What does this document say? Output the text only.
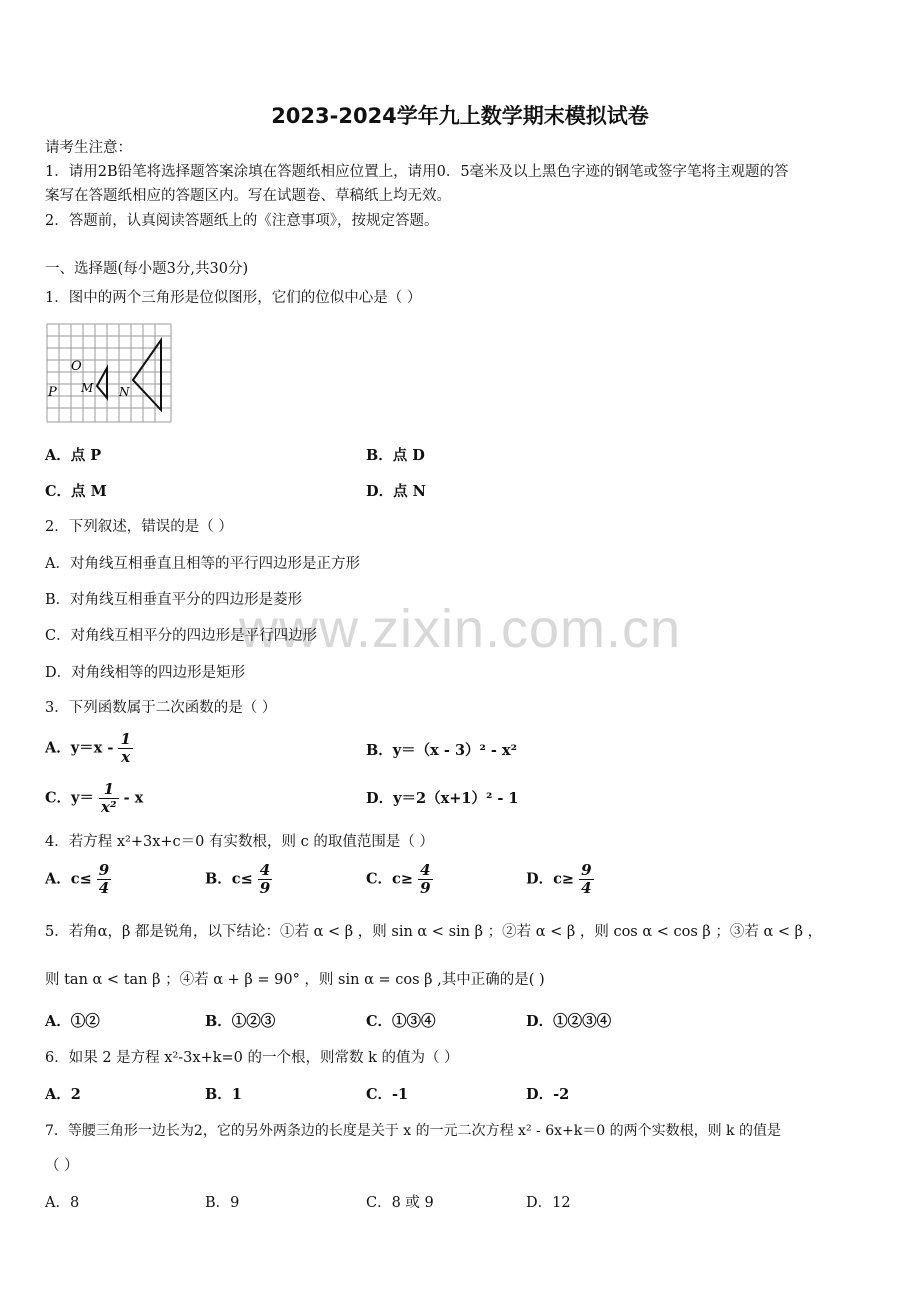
www.zixin.com.cn
2023-2024学年九上数学期末模拟试卷
请考生注意：
1．请用2B铅笔将选择题答案涂填在答题纸相应位置上，请用0．5毫米及以上黑色字迹的钢笔或签字笔将主观题的答
案写在答题纸相应的答题区内。写在试题卷、草稿纸上均无效。
2．答题前，认真阅读答题纸上的《注意事项》，按规定答题。
一、选择题(每小题3分,共30分)
1．图中的两个三角形是位似图形，它们的位似中心是（ ）
O
P M N
A．点 P	B．点 D
C．点 M	D．点 N
2．下列叙述，错误的是（ ）
A．对角线互相垂直且相等的平行四边形是正方形
B．对角线互相垂直平分的四边形是菱形
C．对角线互相平分的四边形是平行四边形
D．对角线相等的四边形是矩形
3．下列函数属于二次函数的是（ ）
A．$y=x - \frac{1}{x}$	B．y＝（x - 3）² - x²
C．$y= \frac{1}{\text{x²}} - x$	D．y＝2（x+1）² - 1
4．若方程 x²+3x+c＝0 有实数根，则 c 的取值范围是（ ）
A．$c\le \frac{9}{4}$	B．$c\le \frac{4}{9}$	C．$c\ge \frac{4}{9}$	D．$c\ge \frac{9}{4}$
5．若角α，β 都是锐角，以下结论：①若 α < β ，则 sin α < sin β ；②若 α < β ，则 cos α < cos β ；③若 α < β ，
则 tan α < tan β ；④若 α + β = 90° ，则 sin α = cos β ,其中正确的是( )
A．①②	B．①②③	C．①③④	D．①②③④
6．如果 2 是方程 x²-3x+k=0 的一个根，则常数 k 的值为（ ）
A．2	B．1	C．-1	D．-2
7．等腰三角形一边长为2，它的另外两条边的长度是关于 x 的一元二次方程 x² - 6x+k＝0 的两个实数根，则 k 的值是
（ ）
A．8	B．9	C．8 或 9	D．12
